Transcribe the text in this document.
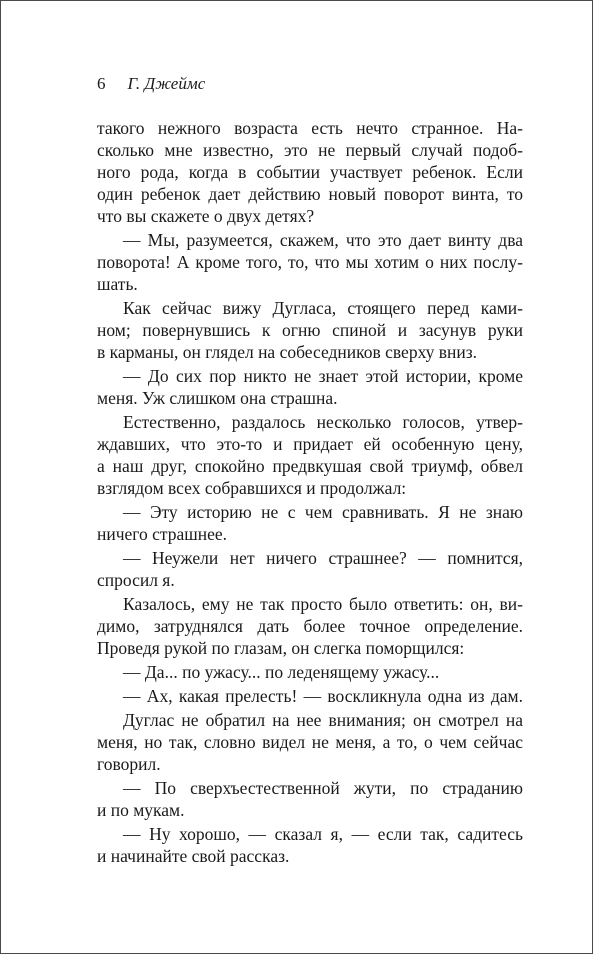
6 Г. Джеймс
такого нежного возраста есть нечто странное. На-
сколько мне известно, это не первый случай подоб-
ного рода, когда в событии участвует ребенок. Если
один ребенок дает действию новый поворот винта, то
что вы скажете о двух детях?
— Мы, разумеется, скажем, что это дает винту два
поворота! А кроме того, то, что мы хотим о них послу-
шать.
Как сейчас вижу Дугласа, стоящего перед ками-
ном; повернувшись к огню спиной и засунув руки
в карманы, он глядел на собеседников сверху вниз.
— До сих пор никто не знает этой истории, кроме
меня. Уж слишком она страшна.
Естественно, раздалось несколько голосов, утвер-
ждавших, что это-то и придает ей особенную цену,
а наш друг, спокойно предвкушая свой триумф, обвел
взглядом всех собравшихся и продолжал:
— Эту историю не с чем сравнивать. Я не знаю
ничего страшнее.
— Неужели нет ничего страшнее? — помнится,
спросил я.
Казалось, ему не так просто было ответить: он, ви-
димо, затруднялся дать более точное определение.
Проведя рукой по глазам, он слегка поморщился:
— Да... по ужасу... по леденящему ужасу...
— Ах, какая прелесть! — воскликнула одна из дам.
Дуглас не обратил на нее внимания; он смотрел на
меня, но так, словно видел не меня, а то, о чем сейчас
говорил.
— По сверхъестественной жути, по страданию
и по мукам.
— Ну хорошо, — сказал я, — если так, садитесь
и начинайте свой рассказ.
